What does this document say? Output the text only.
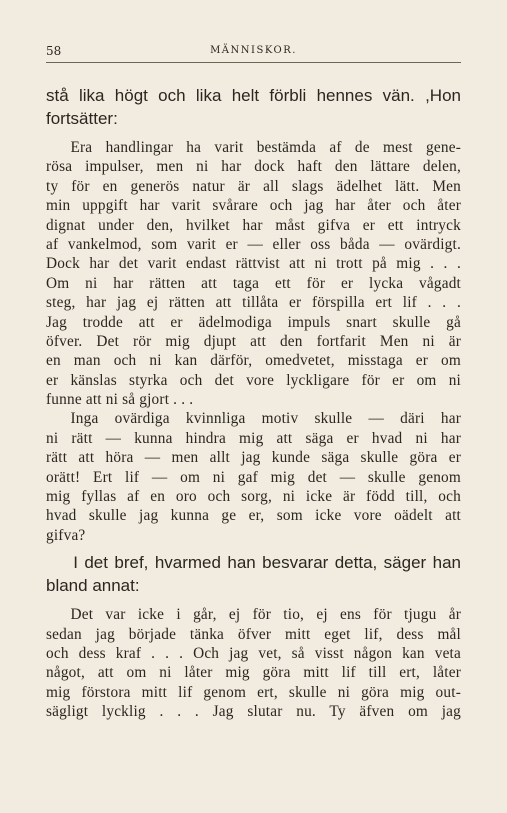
58	MÄNNISKOR.
stå lika högt och lika helt förbli hennes vän. ,Hon
fortsätter:
Era handlingar ha varit bestämda af de mest gene-
rösa impulser, men ni har dock haft den lättare delen,
ty för en generös natur är all slags ädelhet lätt. Men
min uppgift har varit svårare och jag har åter och åter
dignat under den, hvilket har måst gifva er ett intryck
af vankelmod, som varit er — eller oss båda — ovärdigt.
Dock har det varit endast rättvist att ni trott på mig . . .
Om ni har rätten att taga ett för er lycka vågadt
steg, har jag ej rätten att tillåta er förspilla ert lif . . .
Jag trodde att er ädelmodiga impuls snart skulle gå
öfver. Det rör mig djupt att den fortfarit Men ni är
en man och ni kan därför, omedvetet, misstaga er om
er känslas styrka och det vore lyckligare för er om ni
funne att ni så gjort . . .
Inga ovärdiga kvinnliga motiv skulle — däri har
ni rätt — kunna hindra mig att säga er hvad ni har
rätt att höra — men allt jag kunde säga skulle göra er
orätt! Ert lif — om ni gaf mig det — skulle genom
mig fyllas af en oro och sorg, ni icke är född till, och
hvad skulle jag kunna ge er, som icke vore oädelt att
gifva?
I det bref, hvarmed han besvarar detta, säger han
bland annat:
Det var icke i går, ej för tio, ej ens för tjugu år
sedan jag började tänka öfver mitt eget lif, dess mål
och dess kraf . . . Och jag vet, så visst någon kan veta
något, att om ni låter mig göra mitt lif till ert, låter
mig förstora mitt lif genom ert, skulle ni göra mig out-
sägligt lycklig . . . Jag slutar nu. Ty äfven om jag
